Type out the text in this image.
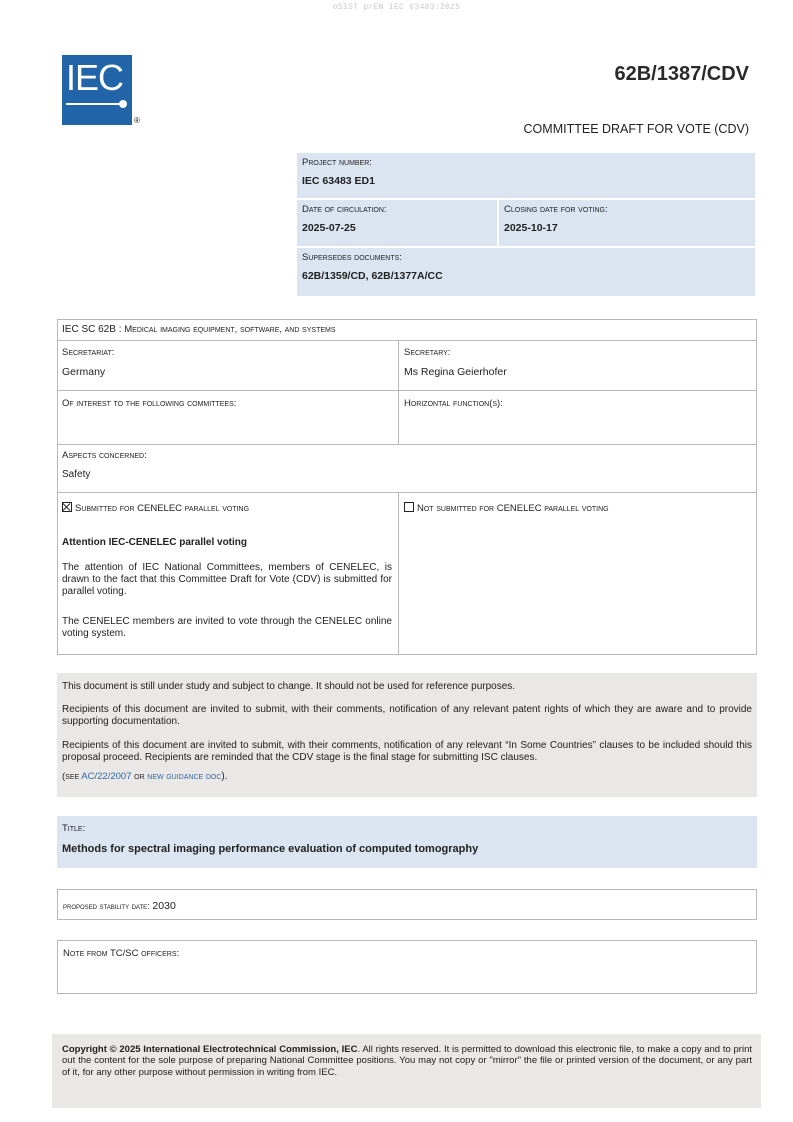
oSIST prEN IEC 63483:2025
IEC
®
62B/1387/CDV
COMMITTEE DRAFT FOR VOTE (CDV)
Project number:
IEC 63483 ED1
Date of circulation:
2025-07-25
Closing date for voting:
2025-10-17
Supersedes documents:
62B/1359/CD, 62B/1377A/CC
IEC SC 62B : Medical imaging equipment, software, and systems
Secretariat:
Germany
Secretary:
Ms Regina Geierhofer
Of interest to the following committees:	Horizontal function(s):
Aspects concerned:
Safety
Submitted for CENELEC parallel voting	Not submitted for CENELEC parallel voting
Attention IEC-CENELEC parallel voting
The attention of IEC National Committees, members of CENELEC, is drawn to the fact that this Committee Draft for Vote (CDV) is submitted for parallel voting.
The CENELEC members are invited to vote through the CENELEC online voting system.
This document is still under study and subject to change. It should not be used for reference purposes.
Recipients of this document are invited to submit, with their comments, notification of any relevant patent rights of which they are aware and to provide supporting documentation.
Recipients of this document are invited to submit, with their comments, notification of any relevant “In Some Countries” clauses to be included should this proposal proceed. Recipients are reminded that the CDV stage is the final stage for submitting ISC clauses.
(see AC/22/2007 or new guidance doc).
Title:
Methods for spectral imaging performance evaluation of computed tomography
proposed stability date: 2030
Note from TC/SC officers:
Copyright © 2025 International Electrotechnical Commission, IEC. All rights reserved. It is permitted to download this electronic file, to make a copy and to print out the content for the sole purpose of preparing National Committee positions. You may not copy or "mirror" the file or printed version of the document, or any part of it, for any other purpose without permission in writing from IEC.
